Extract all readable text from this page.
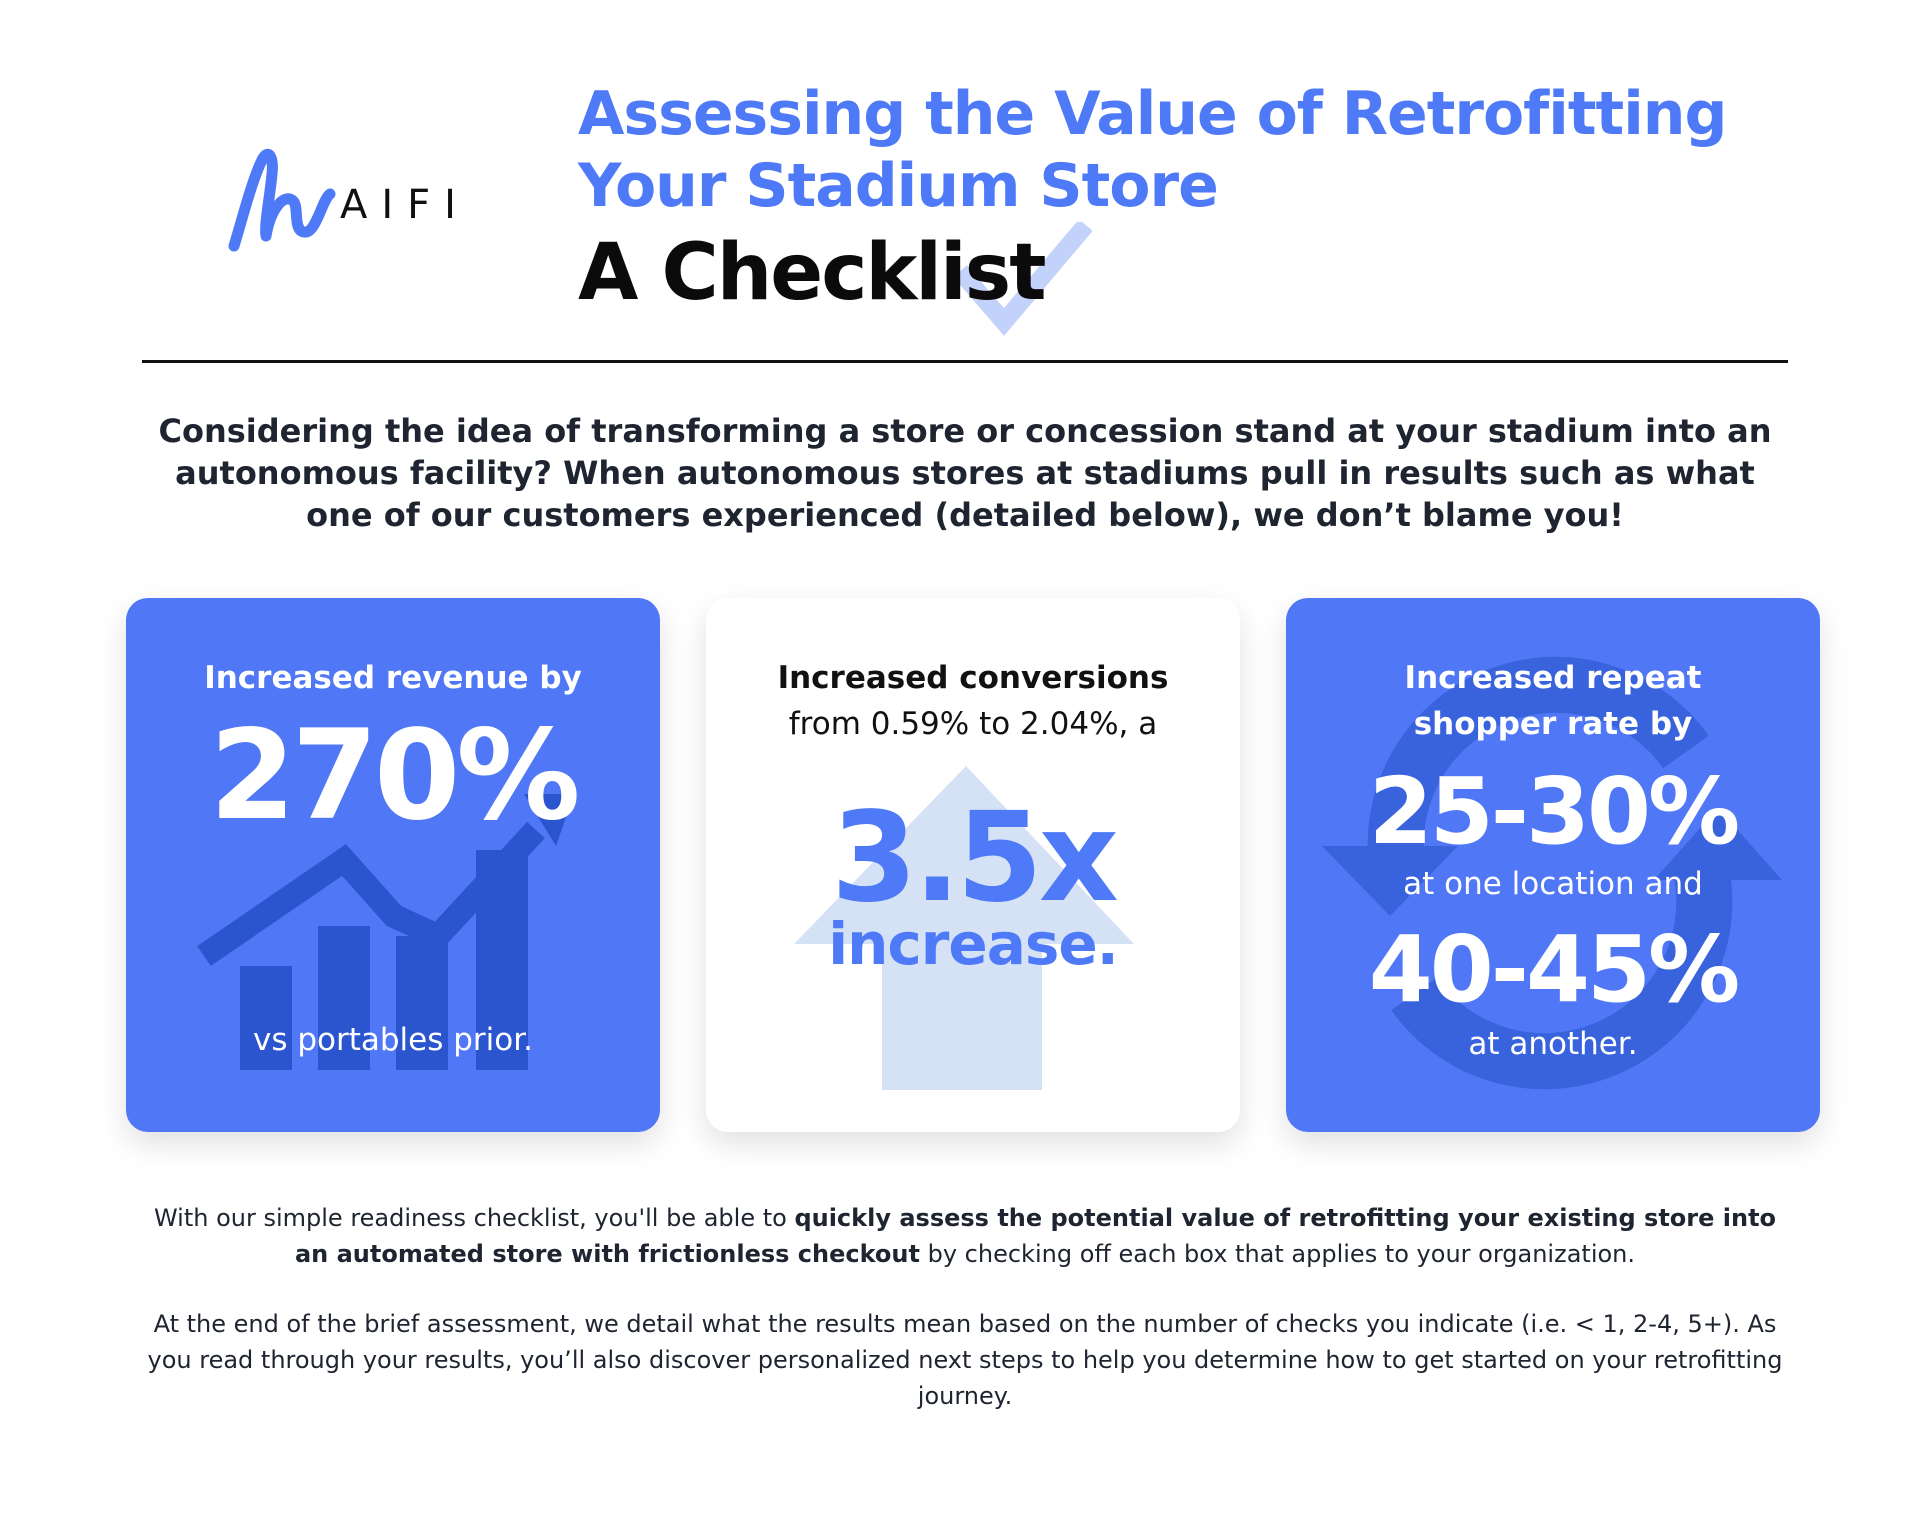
AIFI
Assessing the Value of Retrofitting
Your Stadium Store
A Checklist
Considering the idea of transforming a store or concession stand at your stadium into an autonomous facility? When autonomous stores at stadiums pull in results such as what one of our customers experienced (detailed below), we don’t blame you!
Increased revenue by
270%
vs portables prior.
Increased conversions
from 0.59% to 2.04%, a
3.5x
increase.
Increased repeat
shopper rate by
25-30%
at one location and
40-45%
at another.
With our simple readiness checklist, you'll be able to quickly assess the potential value of retrofitting your existing store into an automated store with frictionless checkout by checking off each box that applies to your organization.
At the end of the brief assessment, we detail what the results mean based on the number of checks you indicate (i.e. < 1, 2-4, 5+). As you read through your results, you’ll also discover personalized next steps to help you determine how to get started on your retrofitting journey.
